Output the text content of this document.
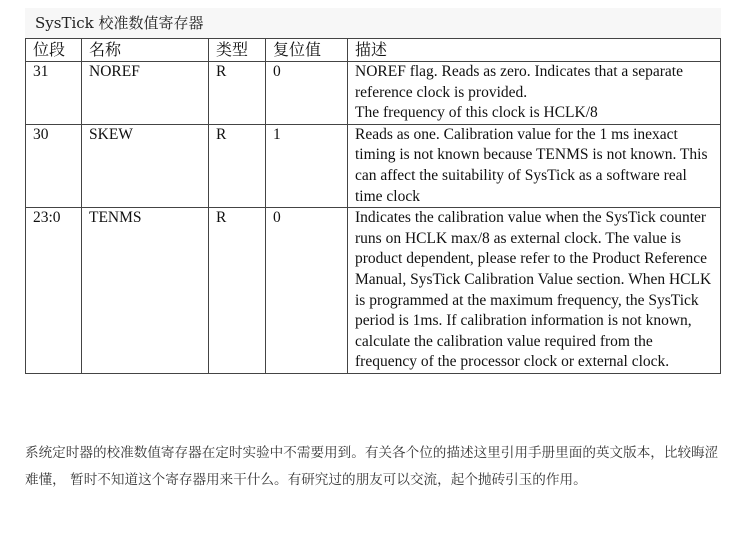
SysTick 校准数值寄存器
位段	名称	类型	复位值	描述
31	NOREF	R	0	NOREF flag. Reads as zero. Indicates that a separate reference clock is provided.
The frequency of this clock is HCLK/8

30	SKEW	R	1	Reads as one. Calibration value for the 1 ms inexact timing is not known because TENMS is not known. This can affect the suitability of SysTick as a software real time clock

23:0	TENMS	R	0	Indicates the calibration value when the SysTick counter runs on HCLK max/8 as external clock. The value is product dependent, please refer to the Product Reference Manual, SysTick Calibration Value section. When HCLK is programmed at the maximum frequency, the SysTick period is 1ms. If calibration information is not known, calculate the calibration value required from the frequency of the processor clock or external clock.

系统定时器的校准数值寄存器在定时实验中不需要用到。有关各个位的描述这里引用手册里面的英文版本，比较晦涩难懂， 暂时不知道这个寄存器用来干什么。有研究过的朋友可以交流，起个抛砖引玉的作用。
